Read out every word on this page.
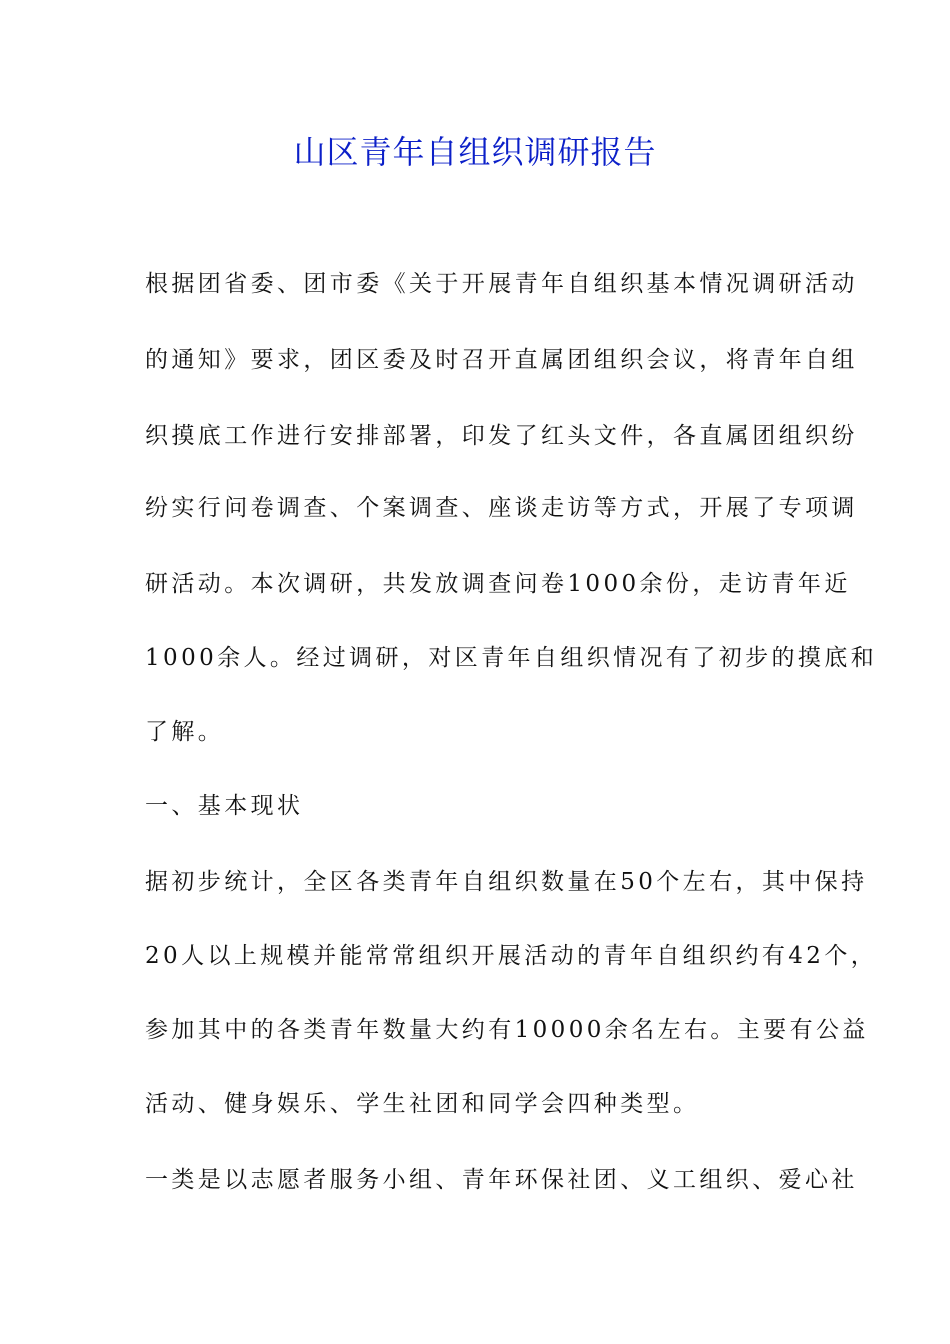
山区青年自组织调研报告
根据团省委、团市委《关于开展青年自组织基本情况调研活动
的通知》要求，团区委及时召开直属团组织会议，将青年自组
织摸底工作进行安排部署，印发了红头文件，各直属团组织纷
纷实行问卷调查、个案调查、座谈走访等方式，开展了专项调
研活动。本次调研，共发放调查问卷1000余份，走访青年近
1000余人。经过调研，对区青年自组织情况有了初步的摸底和
了解。
一、基本现状
据初步统计，全区各类青年自组织数量在50个左右，其中保持
20人以上规模并能常常组织开展活动的青年自组织约有42个，
参加其中的各类青年数量大约有10000余名左右。主要有公益
活动、健身娱乐、学生社团和同学会四种类型。
一类是以志愿者服务小组、青年环保社团、义工组织、爱心社
